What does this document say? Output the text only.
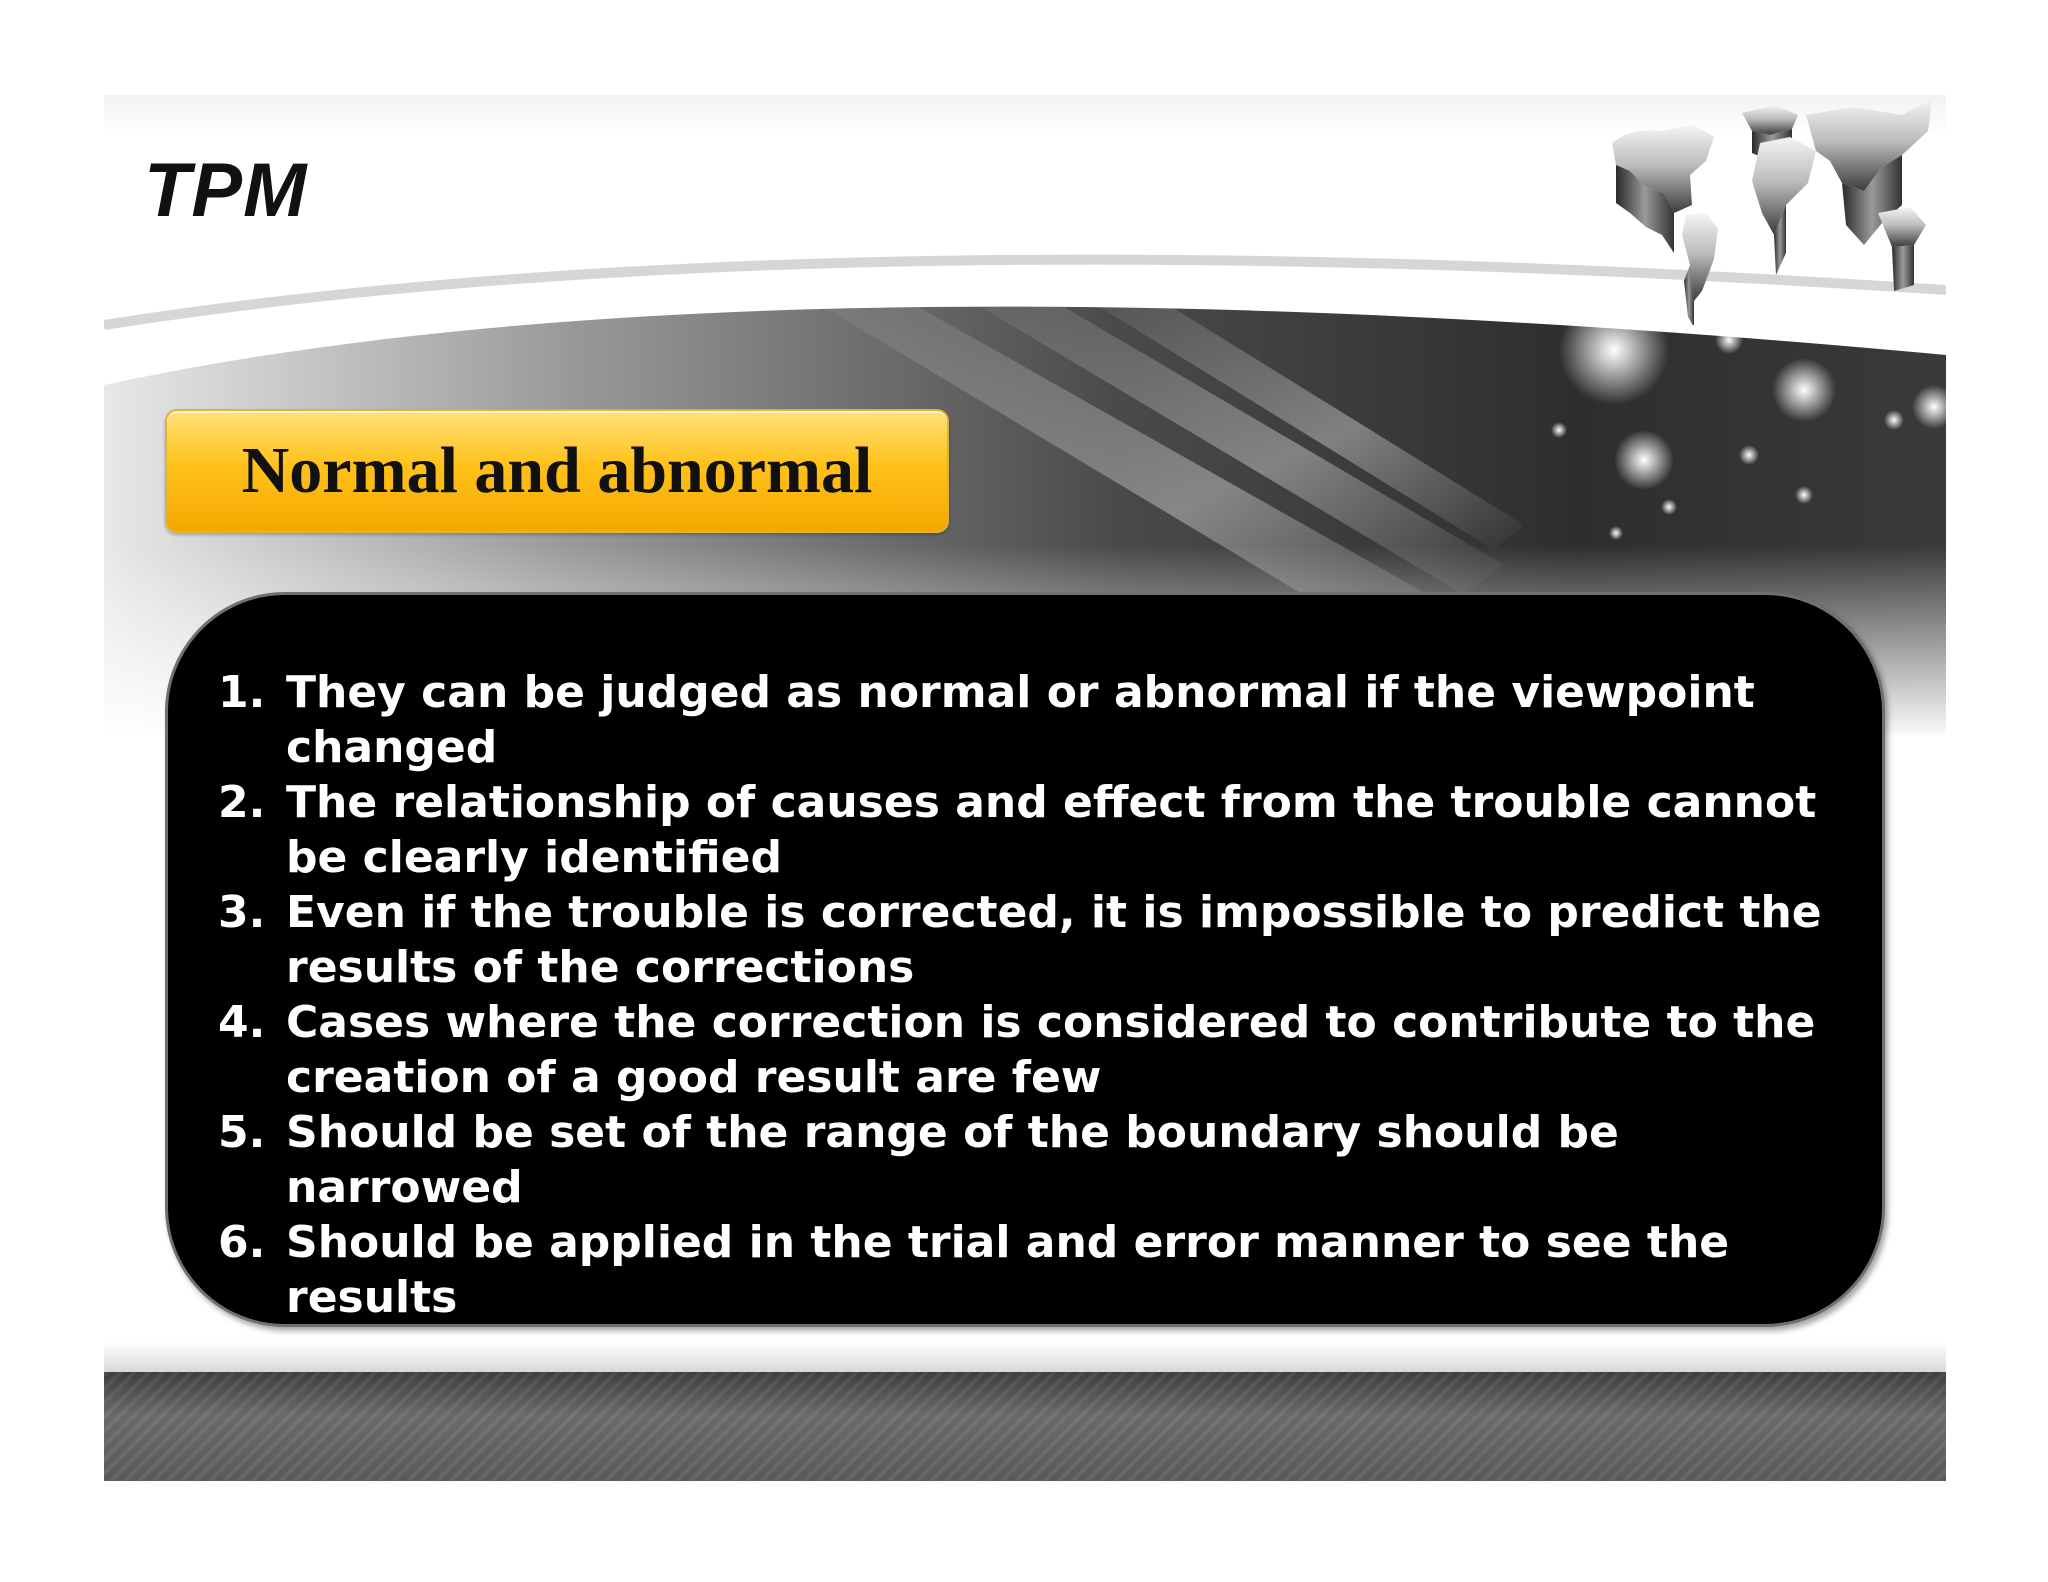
TPM
Normal and abnormal
1. They can be judged as normal or abnormal if the viewpoint changed
2. The relationship of causes and effect from the trouble cannot be clearly identified
3. Even if the trouble is corrected, it is impossible to predict the results of the corrections
4. Cases where the correction is considered to contribute to the creation of a good result are few
5. Should be set of the range of the boundary should be narrowed
6. Should be applied in the trial and error manner to see the results
